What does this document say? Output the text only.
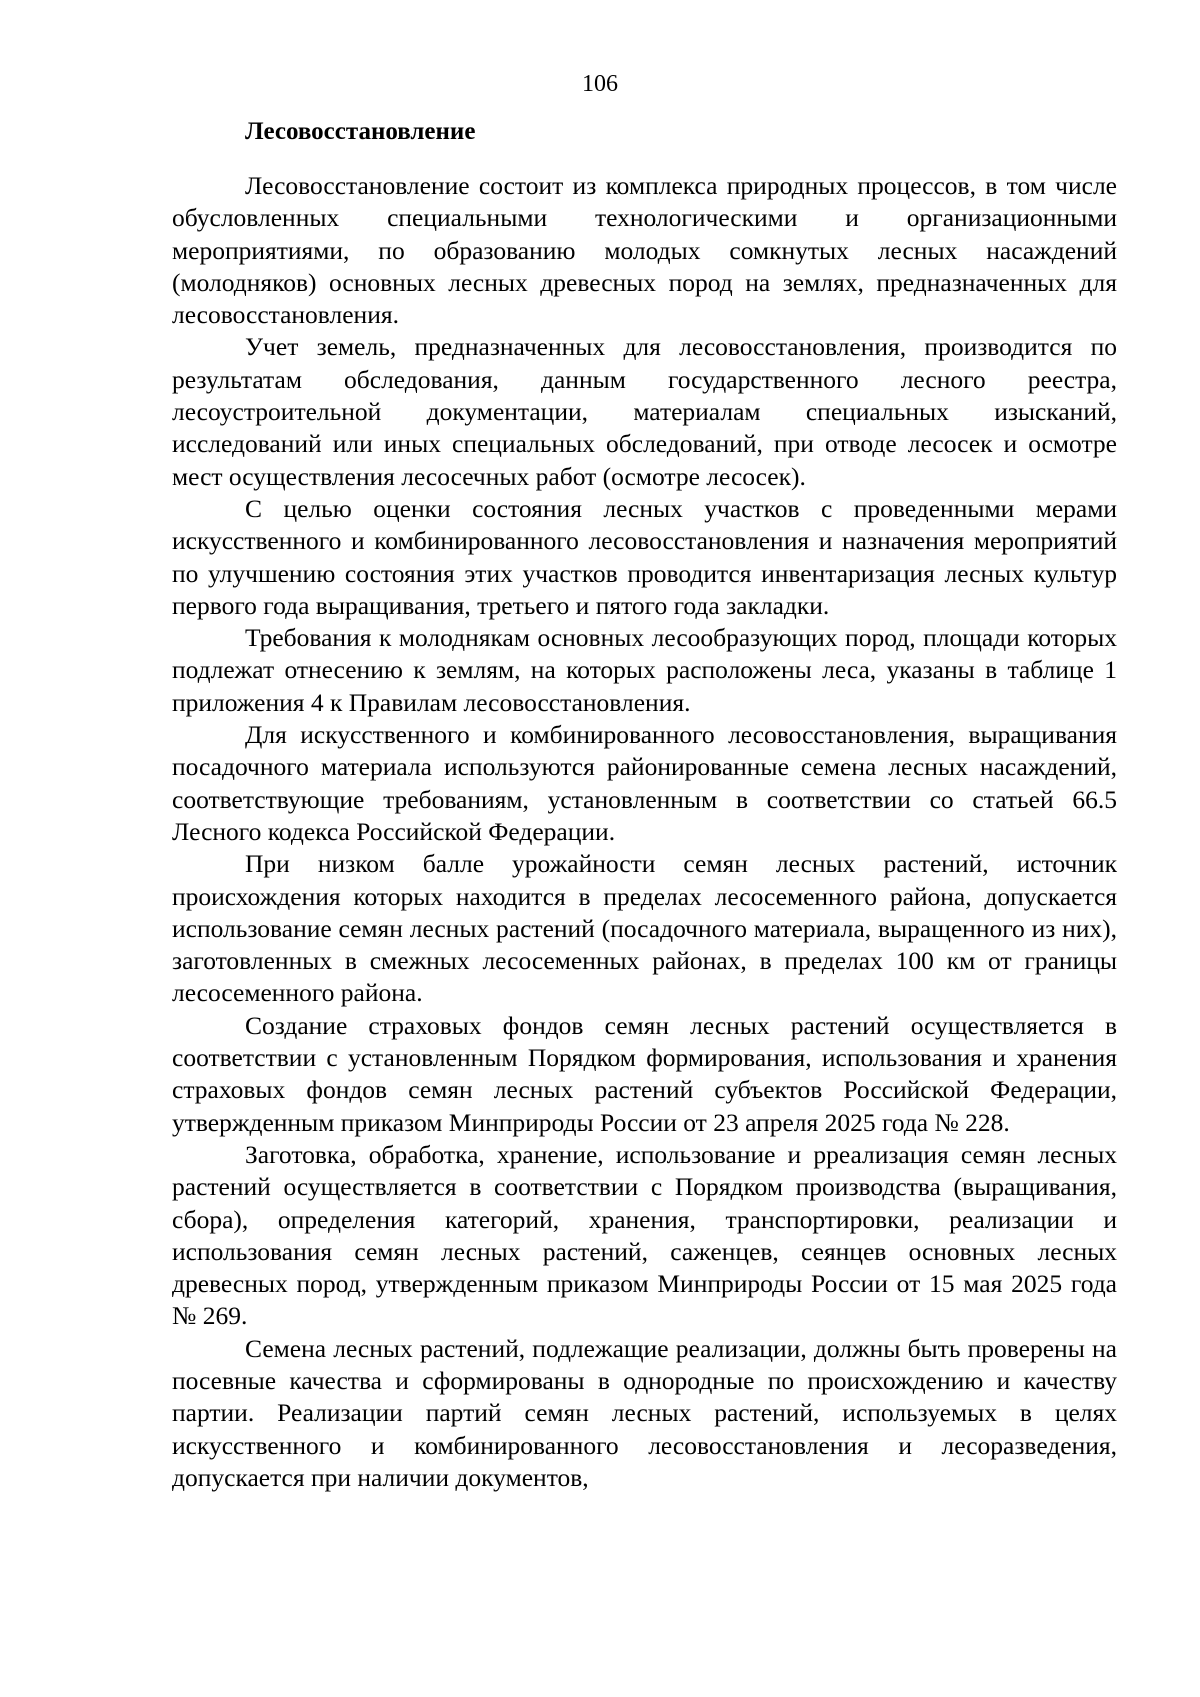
106
Лесовосстановление

Лесовосстановление состоит из комплекса природных процессов, в том числе обусловленных специальными технологическими и организационными мероприятиями, по образованию молодых сомкнутых лесных насаждений (молодняков) основных лесных древесных пород на землях, предназначенных для лесовосстановления.

Учет земель, предназначенных для лесовосстановления, производится по результатам обследования, данным государственного лесного реестра, лесоустроительной документации, материалам специальных изысканий, исследований или иных специальных обследований, при отводе лесосек и осмотре мест осуществления лесосечных работ (осмотре лесосек).

С целью оценки состояния лесных участков с проведенными мерами искусственного и комбинированного лесовосстановления и назначения мероприятий по улучшению состояния этих участков проводится инвентаризация лесных культур первого года выращивания, третьего и пятого года закладки.

Требования к молоднякам основных лесообразующих пород, площади которых подлежат отнесению к землям, на которых расположены леса, указаны в таблице 1 приложения 4 к Правилам лесовосстановления.

Для искусственного и комбинированного лесовосстановления, выращивания посадочного материала используются районированные семена лесных насаждений, соответствующие требованиям, установленным в соответствии со статьей 66.5 Лесного кодекса Российской Федерации.

При низком балле урожайности семян лесных растений, источник происхождения которых находится в пределах лесосеменного района, допускается использование семян лесных растений (посадочного материала, выращенного из них), заготовленных в смежных лесосеменных районах, в пределах 100 км от границы лесосеменного района.

Создание страховых фондов семян лесных растений осуществляется в соответствии с установленным Порядком формирования, использования и хранения страховых фондов семян лесных растений субъектов Российской Федерации, утвержденным приказом Минприроды России от 23 апреля 2025 года № 228.

Заготовка, обработка, хранение, использование и рреализация семян лесных растений осуществляется в соответствии с Порядком производства (выращивания, сбора), определения категорий, хранения, транспортировки, реализации и использования семян лесных растений, саженцев, сеянцев основных лесных древесных пород, утвержденным приказом Минприроды России от 15 мая 2025 года № 269.

Семена лесных растений, подлежащие реализации, должны быть проверены на посевные качества и сформированы в однородные по происхождению и качеству партии. Реализации партий семян лесных растений, используемых в целях искусственного и комбинированного лесовосстановления и лесоразведения, допускается при наличии документов,
